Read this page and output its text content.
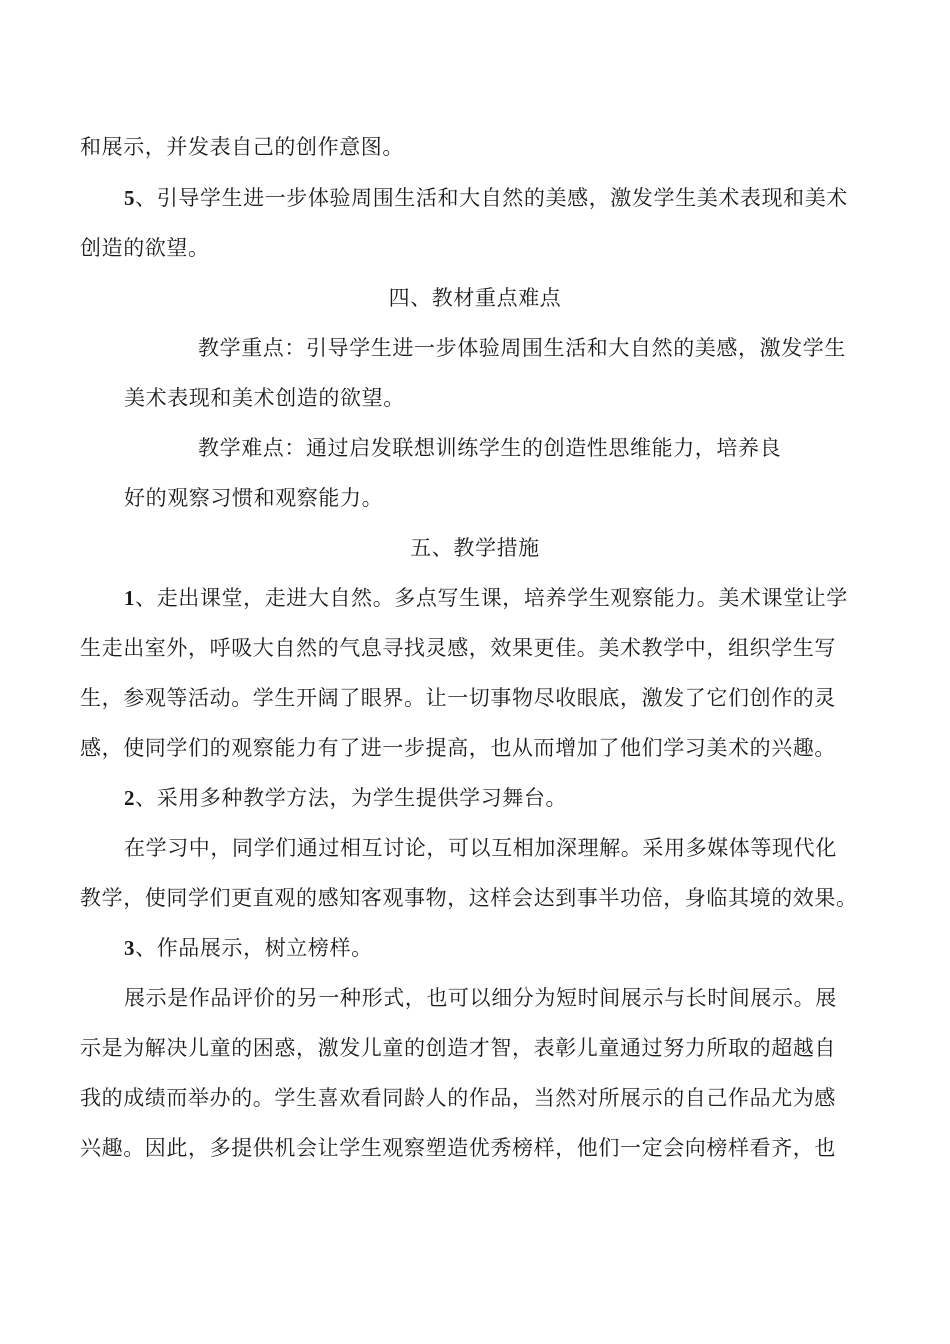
和展示，并发表自己的创作意图。
5、引导学生进一步体验周围生活和大自然的美感，激发学生美术表现和美术
创造的欲望。
四、教材重点难点
教学重点：引导学生进一步体验周围生活和大自然的美感，激发学生
美术表现和美术创造的欲望。
教学难点：通过启发联想训练学生的创造性思维能力，培养良
好的观察习惯和观察能力。
五、教学措施
1、走出课堂，走进大自然。多点写生课，培养学生观察能力。美术课堂让学
生走出室外，呼吸大自然的气息寻找灵感，效果更佳。美术教学中，组织学生写
生，参观等活动。学生开阔了眼界。让一切事物尽收眼底，激发了它们创作的灵
感，使同学们的观察能力有了进一步提高，也从而增加了他们学习美术的兴趣。
2、采用多种教学方法，为学生提供学习舞台。
在学习中，同学们通过相互讨论，可以互相加深理解。采用多媒体等现代化
教学，使同学们更直观的感知客观事物，这样会达到事半功倍，身临其境的效果。
3、作品展示，树立榜样。
展示是作品评价的另一种形式，也可以细分为短时间展示与长时间展示。展
示是为解决儿童的困惑，激发儿童的创造才智，表彰儿童通过努力所取的超越自
我的成绩而举办的。学生喜欢看同龄人的作品，当然对所展示的自己作品尤为感
兴趣。因此，多提供机会让学生观察塑造优秀榜样，他们一定会向榜样看齐，也
